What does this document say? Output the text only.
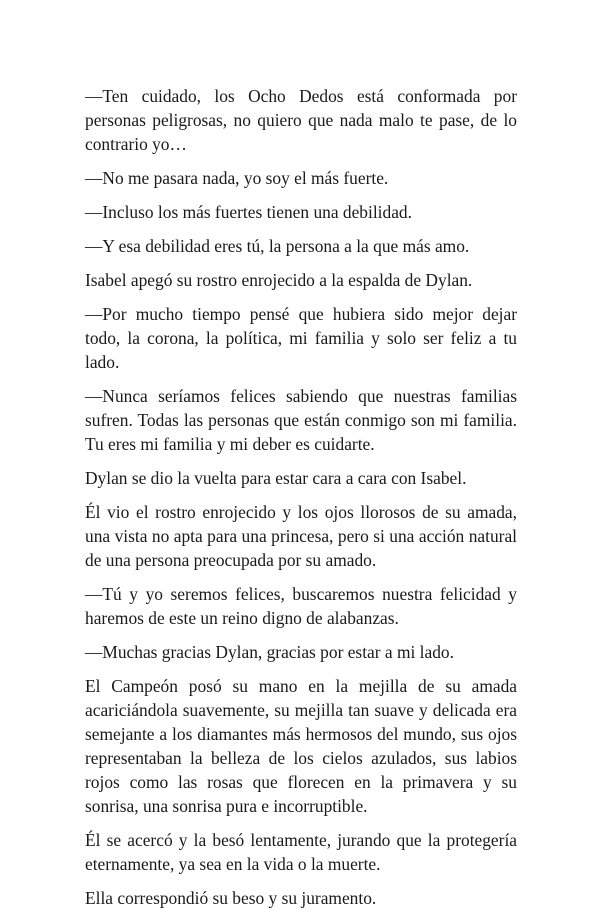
—Ten cuidado, los Ocho Dedos está conformada por personas peligrosas, no quiero que nada malo te pase, de lo contrario yo…

—No me pasara nada, yo soy el más fuerte.

—Incluso los más fuertes tienen una debilidad.

—Y esa debilidad eres tú, la persona a la que más amo.

Isabel apegó su rostro enrojecido a la espalda de Dylan.

—Por mucho tiempo pensé que hubiera sido mejor dejar todo, la corona, la política, mi familia y solo ser feliz a tu lado.

—Nunca seríamos felices sabiendo que nuestras familias sufren. Todas las personas que están conmigo son mi familia. Tu eres mi familia y mi deber es cuidarte.

Dylan se dio la vuelta para estar cara a cara con Isabel.

Él vio el rostro enrojecido y los ojos llorosos de su amada, una vista no apta para una princesa, pero si una acción natural de una persona preocupada por su amado.

—Tú y yo seremos felices, buscaremos nuestra felicidad y haremos de este un reino digno de alabanzas.

—Muchas gracias Dylan, gracias por estar a mi lado.

El Campeón posó su mano en la mejilla de su amada acariciándola suavemente, su mejilla tan suave y delicada era semejante a los diamantes más hermosos del mundo, sus ojos representaban la belleza de los cielos azulados, sus labios rojos como las rosas que florecen en la primavera y su sonrisa, una sonrisa pura e incorruptible.

Él se acercó y la besó lentamente, jurando que la protegería eternamente, ya sea en la vida o la muerte.

Ella correspondió su beso y su juramento.
